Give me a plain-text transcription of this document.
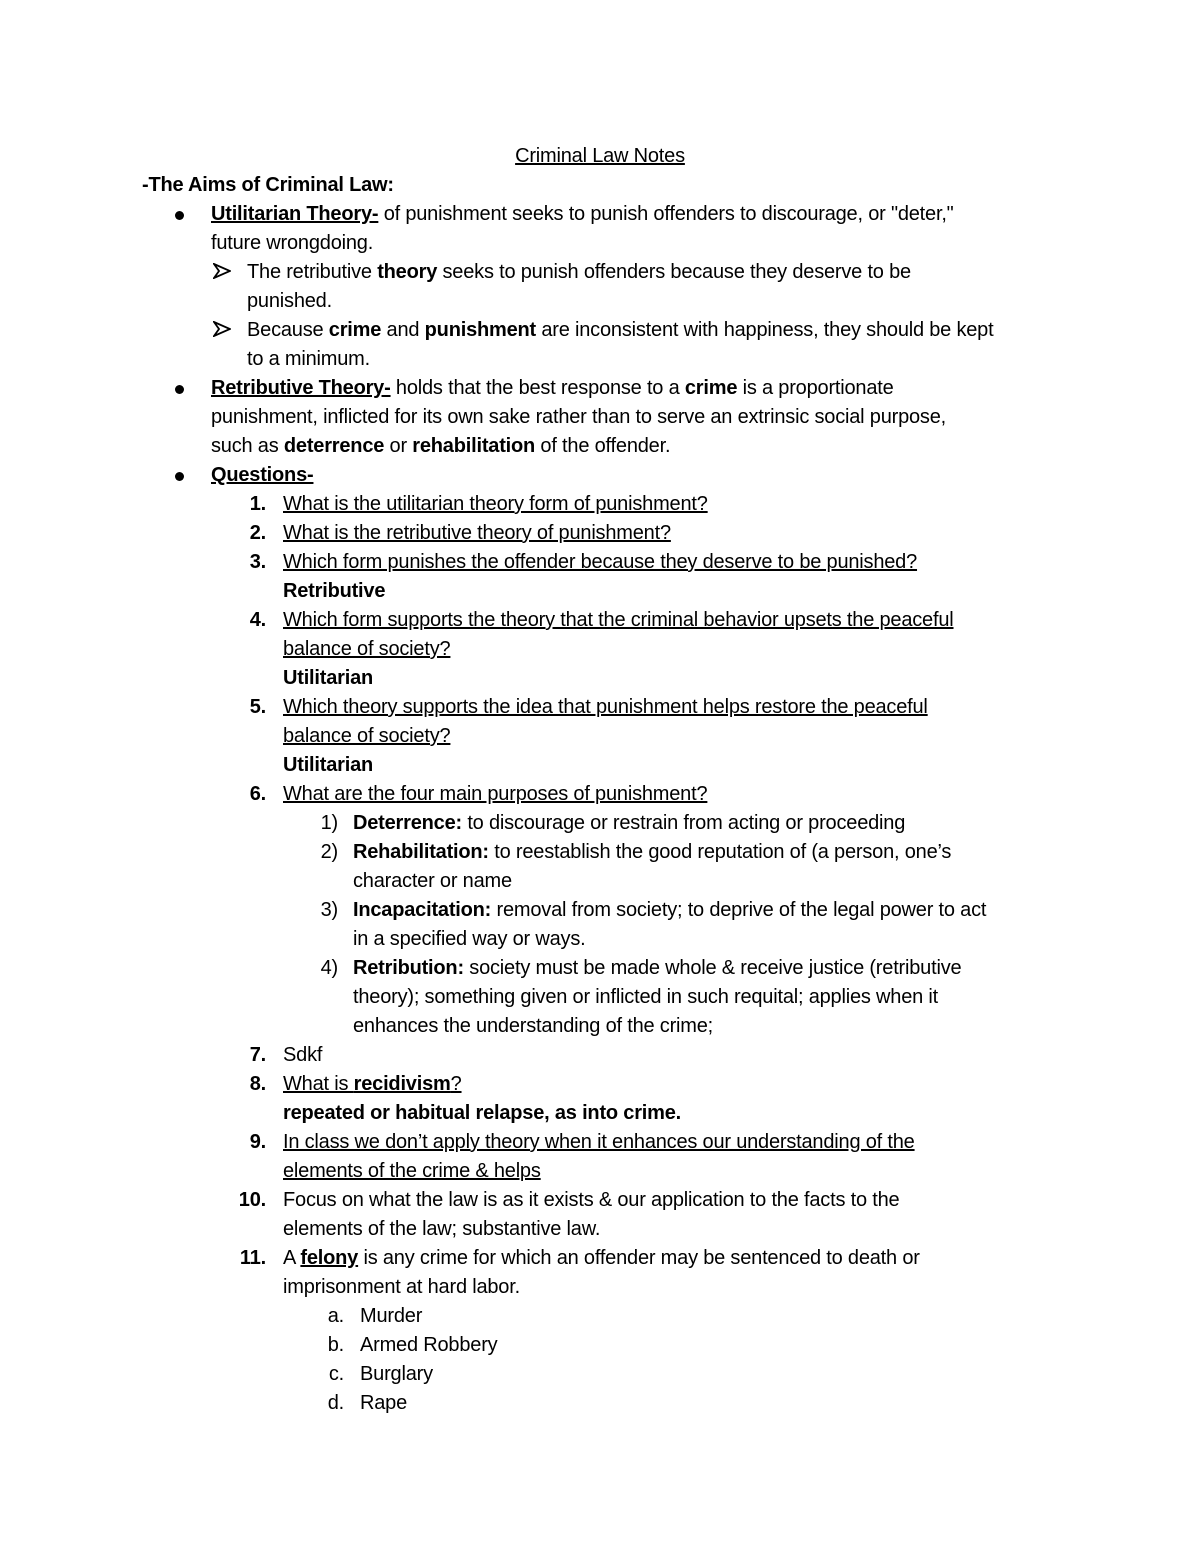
Criminal Law Notes
-The Aims of Criminal Law:
Utilitarian Theory- of punishment seeks to punish offenders to discourage, or "deter,"
future wrongdoing.
The retributive theory seeks to punish offenders because they deserve to be
punished.
Because crime and punishment are inconsistent with happiness, they should be kept
to a minimum.
Retributive Theory- holds that the best response to a crime is a proportionate
punishment, inflicted for its own sake rather than to serve an extrinsic social purpose,
such as deterrence or rehabilitation of the offender.
Questions-
1. What is the utilitarian theory form of punishment?
2. What is the retributive theory of punishment?
3. Which form punishes the offender because they deserve to be punished?
Retributive
4. Which form supports the theory that the criminal behavior upsets the peaceful
balance of society?
Utilitarian
5. Which theory supports the idea that punishment helps restore the peaceful
balance of society?
Utilitarian
6. What are the four main purposes of punishment?
1) Deterrence: to discourage or restrain from acting or proceeding
2) Rehabilitation: to reestablish the good reputation of (a person, one’s
character or name
3) Incapacitation: removal from society; to deprive of the legal power to act
in a specified way or ways.
4) Retribution: society must be made whole & receive justice (retributive
theory); something given or inflicted in such requital; applies when it
enhances the understanding of the crime;
7. Sdkf
8. What is recidivism?
repeated or habitual relapse, as into crime.
9. In class we don’t apply theory when it enhances our understanding of the
elements of the crime & helps
10. Focus on what the law is as it exists & our application to the facts to the
elements of the law; substantive law.
11. A felony is any crime for which an offender may be sentenced to death or
imprisonment at hard labor.
a. Murder
b. Armed Robbery
c. Burglary
d. Rape
